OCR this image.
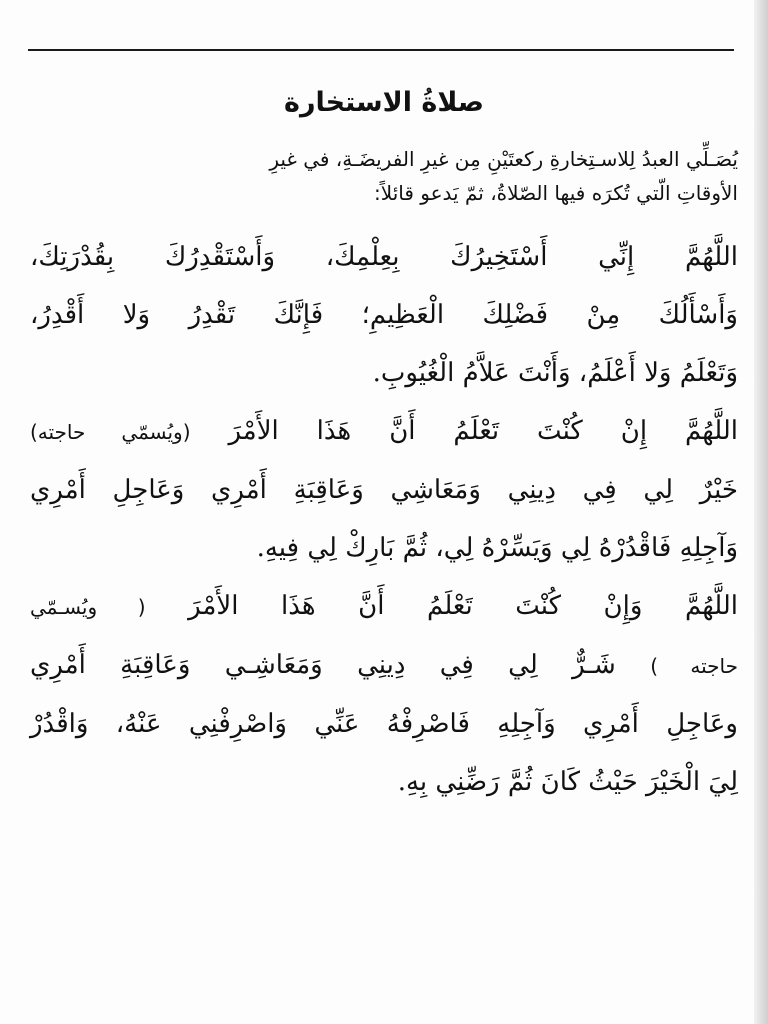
صلاةُ الاستخارة
يُصَـلِّي العبدُ لِلاسـتِخارةِ ركعتَيْنِ مِن غيرِ الفريضَـةِ، في غيرِ
الأوقاتِ الّتي تُكرَه فيها الصّلاةُ، ثمّ يَدعو قائلاً:
اللَّهُمَّ إِنِّي أَسْتَخِيرُكَ بِعِلْمِكَ، وَأَسْتَقْدِرُكَ بِقُدْرَتِكَ،
وَأَسْأَلُكَ مِنْ فَضْلِكَ الْعَظِيمِ؛ فَإِنَّكَ تَقْدِرُ وَلا أَقْدِرُ،
وَتَعْلَمُ وَلا أَعْلَمُ، وَأَنْتَ عَلاَّمُ الْغُيُوبِ.
اللَّهُمَّ إِنْ كُنْتَ تَعْلَمُ أَنَّ هَذَا الأَمْرَ (ويُسمّي حاجته)
خَيْرٌ لِي فِي دِينِي وَمَعَاشِي وَعَاقِبَةِ أَمْرِي وَعَاجِلِ أَمْرِي
وَآجِلِهِ فَاقْدُرْهُ لِي وَيَسِّرْهُ لِي، ثُمَّ بَارِكْ لِي فِيهِ.
اللَّهُمَّ وَإِنْ كُنْتَ تَعْلَمُ أَنَّ هَذَا الأَمْرَ ( ويُسـمّي
حاجته ) شَـرٌّ لِي فِي دِينِي وَمَعَاشِـي وَعَاقِبَةِ أَمْرِي
وعَاجِلِ أَمْرِي وَآجِلِهِ فَاصْرِفْهُ عَنِّي وَاصْرِفْنِي عَنْهُ، وَاقْدُرْ
لِيَ الْخَيْرَ حَيْثُ كَانَ ثُمَّ رَضِّنِي بِهِ.
